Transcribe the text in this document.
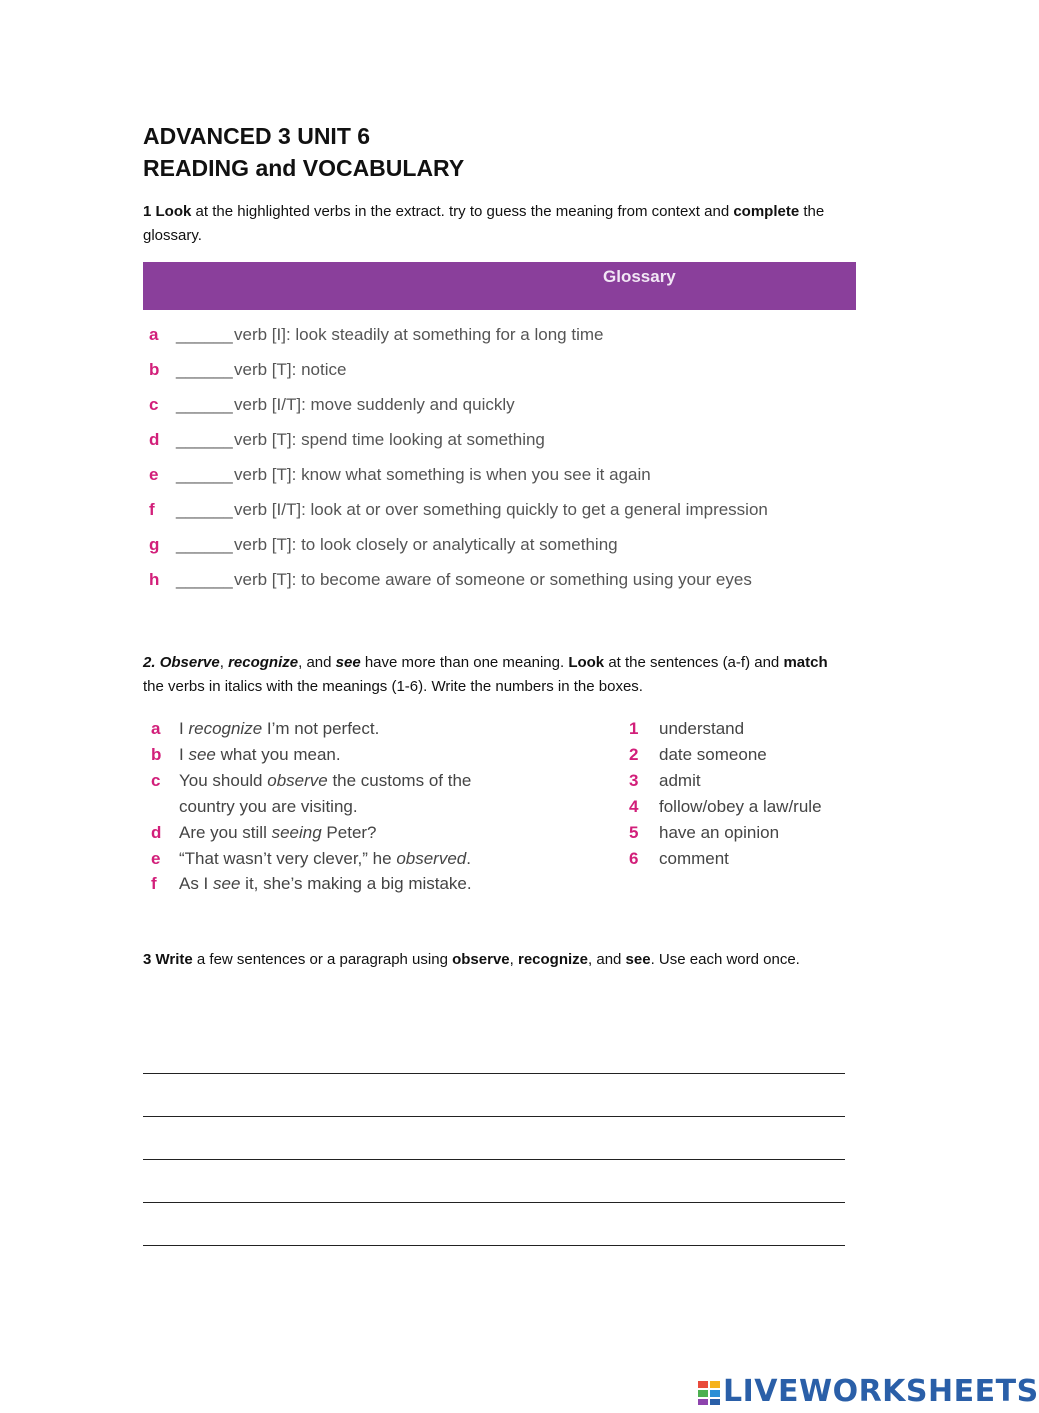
ADVANCED 3 UNIT 6
READING and VOCABULARY

1 Look at the highlighted verbs in the extract. try to guess the meaning from context and complete the glossary.

Glossary
a	______ verb [I]: look steadily at something for a long time
b ______ verb [T]: notice
c	______ verb [I/T]: move suddenly and quickly
d ______ verb [T]: spend time looking at something
e	______ verb [T]: know what something is when you see it again
f	______ verb [I/T]: look at or over something quickly to get a general impression
g ______ verb [T]: to look closely or analytically at something
h ______ verb [T]: to become aware of someone or something using your eyes

2. Observe, recognize, and see have more than one meaning. Look at the sentences (a-f) and match the verbs in italics with the meanings (1-6). Write the numbers in the boxes.

a I recognize I’m not perfect.
b I see what you mean.
c You should observe the customs of the
country you are visiting.
d Are you still seeing Peter?
e “That wasn’t very clever,” he observed.
f As I see it, she’s making a big mistake.
1 understand
2 date someone
3 admit
4 follow/obey a law/rule
5 have an opinion
6 comment

3 Write a few sentences or a paragraph using observe, recognize, and see. Use each word once.

LIVEWORKSHEETS
